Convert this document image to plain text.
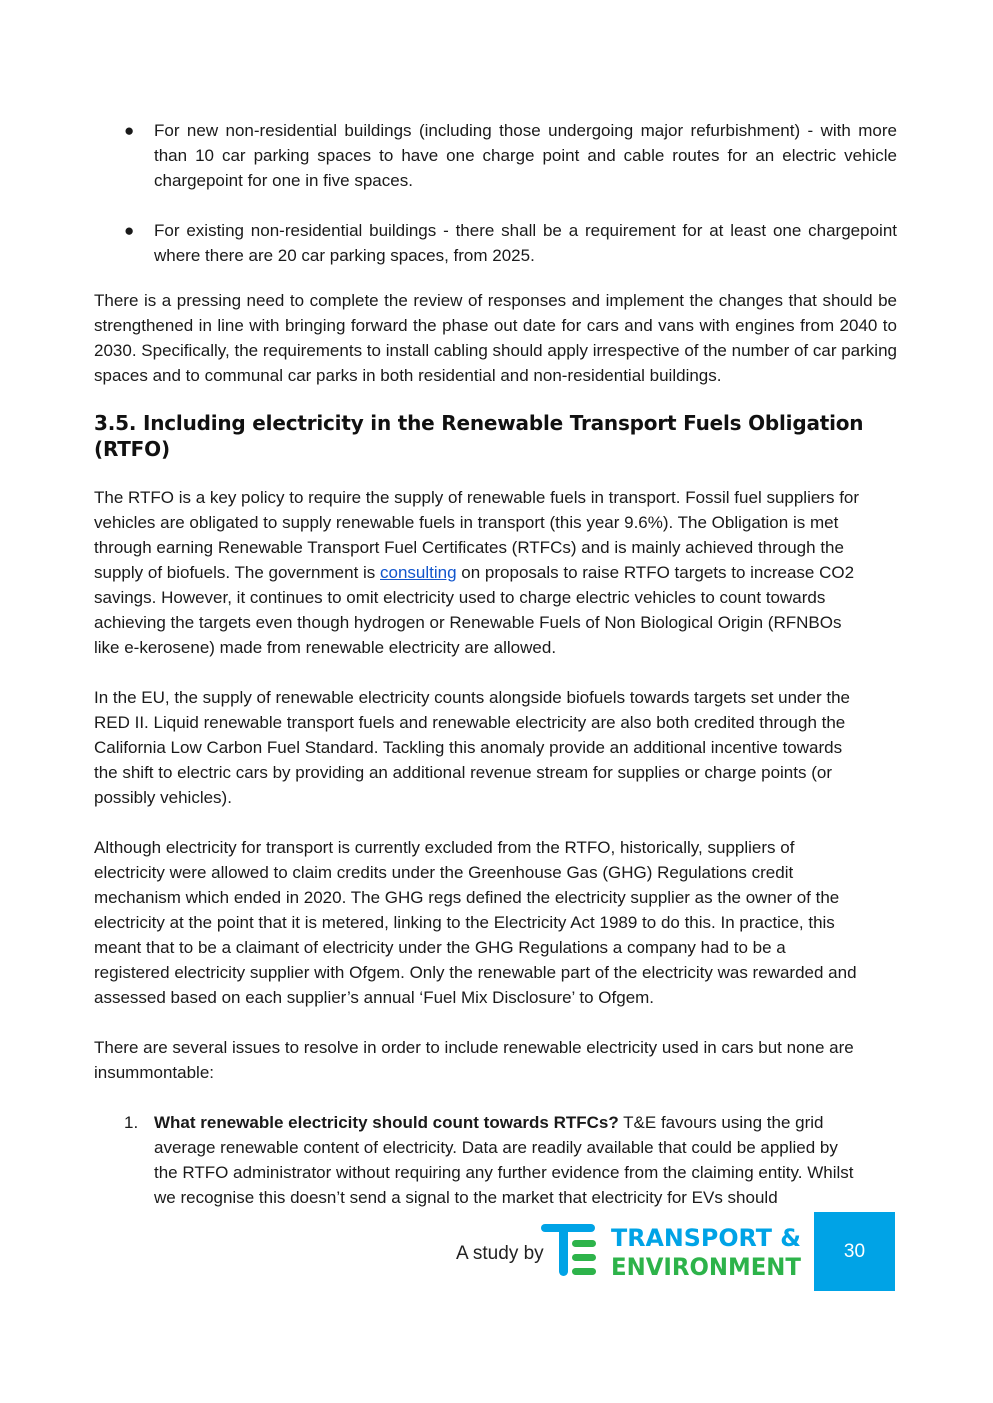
● For new non-residential buildings (including those undergoing major refurbishment) - with more than 10 car parking spaces to have one charge point and cable routes for an electric vehicle chargepoint for one in five spaces.
● For existing non-residential buildings - there shall be a requirement for at least one chargepoint where there are 20 car parking spaces, from 2025.

There is a pressing need to complete the review of responses and implement the changes that should be strengthened in line with bringing forward the phase out date for cars and vans with engines from 2040 to 2030. Specifically, the requirements to install cabling should apply irrespective of the number of car parking spaces and to communal car parks in both residential and non-residential buildings.

3.5. Including electricity in the Renewable Transport Fuels Obligation (RTFO)

The RTFO is a key policy to require the supply of renewable fuels in transport. Fossil fuel suppliers for vehicles are obligated to supply renewable fuels in transport (this year 9.6%). The Obligation is met through earning Renewable Transport Fuel Certificates (RTFCs) and is mainly achieved through the supply of biofuels. The government is consulting on proposals to raise RTFO targets to increase CO2 savings. However, it continues to omit electricity used to charge electric vehicles to count towards achieving the targets even though hydrogen or Renewable Fuels of Non Biological Origin (RFNBOs like e-kerosene) made from renewable electricity are allowed.

In the EU, the supply of renewable electricity counts alongside biofuels towards targets set under the RED II. Liquid renewable transport fuels and renewable electricity are also both credited through the California Low Carbon Fuel Standard. Tackling this anomaly provide an additional incentive towards the shift to electric cars by providing an additional revenue stream for supplies or charge points (or possibly vehicles).

Although electricity for transport is currently excluded from the RTFO, historically, suppliers of electricity were allowed to claim credits under the Greenhouse Gas (GHG) Regulations credit mechanism which ended in 2020. The GHG regs defined the electricity supplier as the owner of the electricity at the point that it is metered, linking to the Electricity Act 1989 to do this. In practice, this meant that to be a claimant of electricity under the GHG Regulations a company had to be a registered electricity supplier with Ofgem. Only the renewable part of the electricity was rewarded and assessed based on each supplier’s annual ‘Fuel Mix Disclosure’ to Ofgem.

There are several issues to resolve in order to include renewable electricity used in cars but none are insummontable:

1. What renewable electricity should count towards RTFCs? T&E favours using the grid average renewable content of electricity. Data are readily available that could be applied by the RTFO administrator without requiring any further evidence from the claiming entity. Whilst we recognise this doesn’t send a signal to the market that electricity for EVs should
A study by
TRANSPORT &
ENVIRONMENT
30
